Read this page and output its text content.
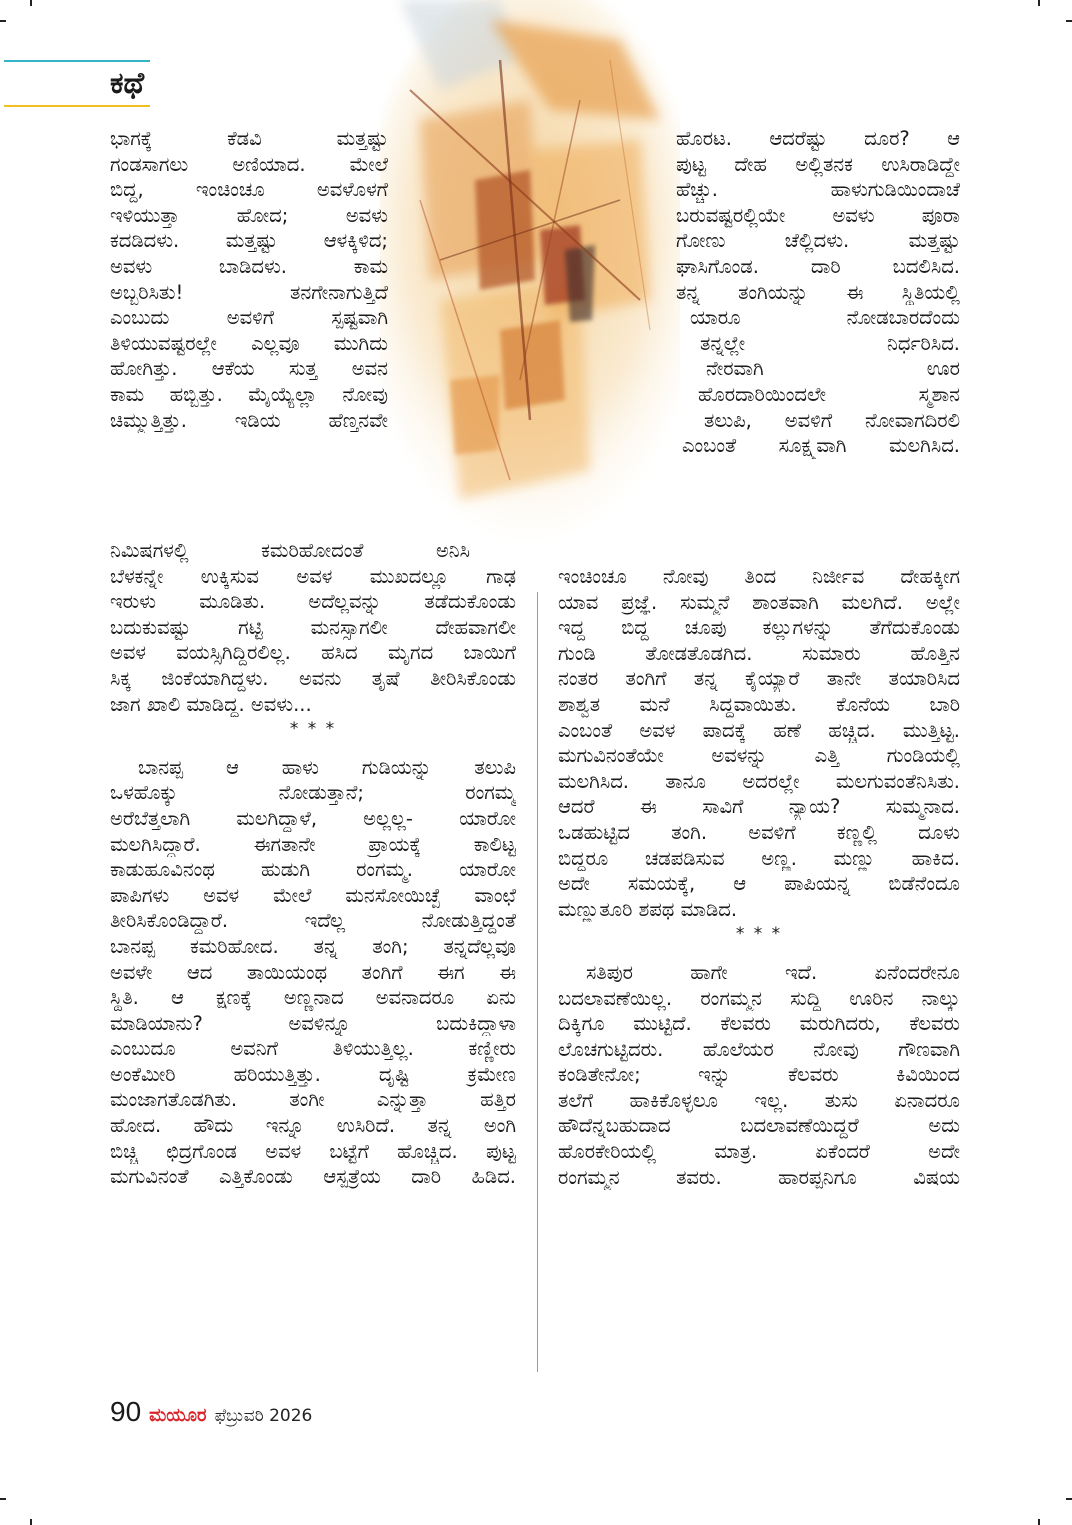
ಕಥೆ
ಭಾಗಕ್ಕೆ ಕೆಡವಿ ಮತ್ತಷ್ಟು
ಗಂಡಸಾಗಲು ಅಣಿಯಾದ. ಮೇಲೆ
ಬಿದ್ದ, ಇಂಚಿಂಚೂ ಅವಳೊಳಗೆ
ಇಳಿಯುತ್ತಾ ಹೋದ; ಅವಳು
ಕದಡಿದಳು. ಮತ್ತಷ್ಟು ಆಳಕ್ಕಿಳಿದ;
ಅವಳು ಬಾಡಿದಳು. ಕಾಮ
ಅಬ್ಬರಿಸಿತು! ತನಗೇನಾಗುತ್ತಿದೆ
ಎಂಬುದು ಅವಳಿಗೆ ಸ್ಪಷ್ಟವಾಗಿ
ತಿಳಿಯುವಷ್ಟರಲ್ಲೇ ಎಲ್ಲವೂ ಮುಗಿದು
ಹೋಗಿತ್ತು. ಆಕೆಯ ಸುತ್ತ ಅವನ
ಕಾಮ ಹಬ್ಬಿತ್ತು. ಮೈಯ್ಯೆಲ್ಲಾ ನೋವು
ಚಿಮ್ಮುತ್ತಿತ್ತು. ಇಡಿಯ ಹೆಣ್ತನವೇ
ನಿಮಿಷಗಳಲ್ಲಿ ಕಮರಿಹೋದಂತೆ ಅನಿಸಿ
ಬೆಳಕನ್ನೇ ಉಕ್ಕಿಸುವ ಅವಳ ಮುಖದಲ್ಲೂ ಗಾಢ
ಇರುಳು ಮೂಡಿತು. ಅದೆಲ್ಲವನ್ನು ತಡೆದುಕೊಂಡು
ಬದುಕುವಷ್ಟು ಗಟ್ಟಿ ಮನಸ್ಸಾಗಲೀ ದೇಹವಾಗಲೀ
ಅವಳ ವಯಸ್ಸಿಗಿದ್ದಿರಲಿಲ್ಲ. ಹಸಿದ ಮೃಗದ ಬಾಯಿಗೆ
ಸಿಕ್ಕ ಜಿಂಕೆಯಾಗಿದ್ದಳು. ಅವನು ತೃಷೆ ತೀರಿಸಿಕೊಂಡು
ಜಾಗ ಖಾಲಿ ಮಾಡಿದ್ದ. ಅವಳು...
* * *
ಬಾನಪ್ಪ ಆ ಹಾಳು ಗುಡಿಯನ್ನು ತಲುಪಿ
ಒಳಹೊಕ್ಕು ನೋಡುತ್ತಾನೆ; ರಂಗಮ್ಮ
ಅರೆಬೆತ್ತಲಾಗಿ ಮಲಗಿದ್ದಾಳೆ, ಅಲ್ಲಲ್ಲ- ಯಾರೋ
ಮಲಗಿಸಿದ್ದಾರೆ. ಈಗತಾನೇ ಪ್ರಾಯಕ್ಕೆ ಕಾಲಿಟ್ಟ
ಕಾಡುಹೂವಿನಂಥ ಹುಡುಗಿ ರಂಗಮ್ಮ. ಯಾರೋ
ಪಾಪಿಗಳು ಅವಳ ಮೇಲೆ ಮನಸೋಯಿಚ್ಛೆ ವಾಂಛೆ
ತೀರಿಸಿಕೊಂಡಿದ್ದಾರೆ. ಇದೆಲ್ಲ ನೋಡುತ್ತಿದ್ದಂತೆ
ಬಾನಪ್ಪ ಕಮರಿಹೋದ. ತನ್ನ ತಂಗಿ; ತನ್ನದೆಲ್ಲವೂ
ಅವಳೇ ಆದ ತಾಯಿಯಂಥ ತಂಗಿಗೆ ಈಗ ಈ
ಸ್ಥಿತಿ. ಆ ಕ್ಷಣಕ್ಕೆ ಅಣ್ಣನಾದ ಅವನಾದರೂ ಏನು
ಮಾಡಿಯಾನು? ಅವಳಿನ್ನೂ ಬದುಕಿದ್ದಾಳಾ
ಎಂಬುದೂ ಅವನಿಗೆ ತಿಳಿಯುತ್ತಿಲ್ಲ. ಕಣ್ಣೀರು
ಅಂಕೆಮೀರಿ ಹರಿಯುತ್ತಿತ್ತು. ದೃಷ್ಟಿ ಕ್ರಮೇಣ
ಮಂಜಾಗತೊಡಗಿತು. ತಂಗೀ ಎನ್ನುತ್ತಾ ಹತ್ತಿರ
ಹೋದ. ಹೌದು ಇನ್ನೂ ಉಸಿರಿದೆ. ತನ್ನ ಅಂಗಿ
ಬಿಚ್ಚಿ ಛಿದ್ರಗೊಂಡ ಅವಳ ಬಟ್ಟೆಗೆ ಹೊಚ್ಚಿದ. ಪುಟ್ಟ
ಮಗುವಿನಂತೆ ಎತ್ತಿಕೊಂಡು ಆಸ್ಪತ್ರೆಯ ದಾರಿ ಹಿಡಿದ.
ಹೊರಟ. ಆದರೆಷ್ಟು ದೂರ? ಆ
ಪುಟ್ಟ ದೇಹ ಅಲ್ಲಿತನಕ ಉಸಿರಾಡಿದ್ದೇ
ಹೆಚ್ಚು. ಹಾಳುಗುಡಿಯಿಂದಾಚೆ
ಬರುವಷ್ಟರಲ್ಲಿಯೇ ಅವಳು ಪೂರಾ
ಗೋಣು ಚೆಲ್ಲಿದಳು. ಮತ್ತಷ್ಟು
ಘಾಸಿಗೊಂಡ. ದಾರಿ ಬದಲಿಸಿದ.
ತನ್ನ ತಂಗಿಯನ್ನು ಈ ಸ್ಥಿತಿಯಲ್ಲಿ
ಯಾರೂ ನೋಡಬಾರದೆಂದು
ತನ್ನಲ್ಲೇ ನಿರ್ಧರಿಸಿದ.
ನೇರವಾಗಿ ಊರ
ಹೊರದಾರಿಯಿಂದಲೇ ಸ್ಮಶಾನ
ತಲುಪಿ, ಅವಳಿಗೆ ನೋವಾಗದಿರಲಿ
ಎಂಬಂತೆ ಸೂಕ್ಷ್ಮವಾಗಿ ಮಲಗಿಸಿದ.
ಇಂಚಿಂಚೂ ನೋವು ತಿಂದ ನಿರ್ಜೀವ ದೇಹಕ್ಕೀಗ
ಯಾವ ಪ್ರಜ್ಞೆ. ಸುಮ್ಮನೆ ಶಾಂತವಾಗಿ ಮಲಗಿದೆ. ಅಲ್ಲೇ
ಇದ್ದ ಬಿದ್ದ ಚೂಪು ಕಲ್ಲುಗಳನ್ನು ತೆಗೆದುಕೊಂಡು
ಗುಂಡಿ ತೋಡತೊಡಗಿದ. ಸುಮಾರು ಹೊತ್ತಿನ
ನಂತರ ತಂಗಿಗೆ ತನ್ನ ಕೈಯ್ಯಾರೆ ತಾನೇ ತಯಾರಿಸಿದ
ಶಾಶ್ವತ ಮನೆ ಸಿದ್ಧವಾಯಿತು. ಕೊನೆಯ ಬಾರಿ
ಎಂಬಂತೆ ಅವಳ ಪಾದಕ್ಕೆ ಹಣೆ ಹಚ್ಚಿದ. ಮುತ್ತಿಟ್ಟ.
ಮಗುವಿನಂತೆಯೇ ಅವಳನ್ನು ಎತ್ತಿ ಗುಂಡಿಯಲ್ಲಿ
ಮಲಗಿಸಿದ. ತಾನೂ ಅದರಲ್ಲೇ ಮಲಗುವಂತೆನಿಸಿತು.
ಆದರೆ ಈ ಸಾವಿಗೆ ನ್ಯಾಯ? ಸುಮ್ಮನಾದ.
ಒಡಹುಟ್ಟಿದ ತಂಗಿ. ಅವಳಿಗೆ ಕಣ್ಣಲ್ಲಿ ದೂಳು
ಬಿದ್ದರೂ ಚಡಪಡಿಸುವ ಅಣ್ಣ. ಮಣ್ಣು ಹಾಕಿದ.
ಅದೇ ಸಮಯಕ್ಕೆ, ಆ ಪಾಪಿಯನ್ನ ಬಿಡೆನೆಂದೂ
ಮಣ್ಣುತೂರಿ ಶಪಥ ಮಾಡಿದ.
* * *
ಸತಿಪುರ ಹಾಗೇ ಇದೆ. ಏನೆಂದರೇನೂ
ಬದಲಾವಣೆಯಿಲ್ಲ. ರಂಗಮ್ಮನ ಸುದ್ದಿ ಊರಿನ ನಾಲ್ಕು
ದಿಕ್ಕಿಗೂ ಮುಟ್ಟಿದೆ. ಕೆಲವರು ಮರುಗಿದರು, ಕೆಲವರು
ಲೊಚಗುಟ್ಟಿದರು. ಹೊಲೆಯರ ನೋವು ಗೌಣವಾಗಿ
ಕಂಡಿತೇನೋ; ಇನ್ನು ಕೆಲವರು ಕಿವಿಯಿಂದ
ತಲೆಗೆ ಹಾಕಿಕೊಳ್ಳಲೂ ಇಲ್ಲ. ತುಸು ಏನಾದರೂ
ಹೌದೆನ್ನಬಹುದಾದ ಬದಲಾವಣೆಯಿದ್ದರೆ ಅದು
ಹೊರಕೇರಿಯಲ್ಲಿ ಮಾತ್ರ. ಏಕೆಂದರೆ ಅದೇ
ರಂಗಮ್ಮನ ತವರು. ಹಾರಪ್ಪನಿಗೂ ವಿಷಯ
90 ಮಯೂರ ಫೆಬ್ರುವರಿ 2026
